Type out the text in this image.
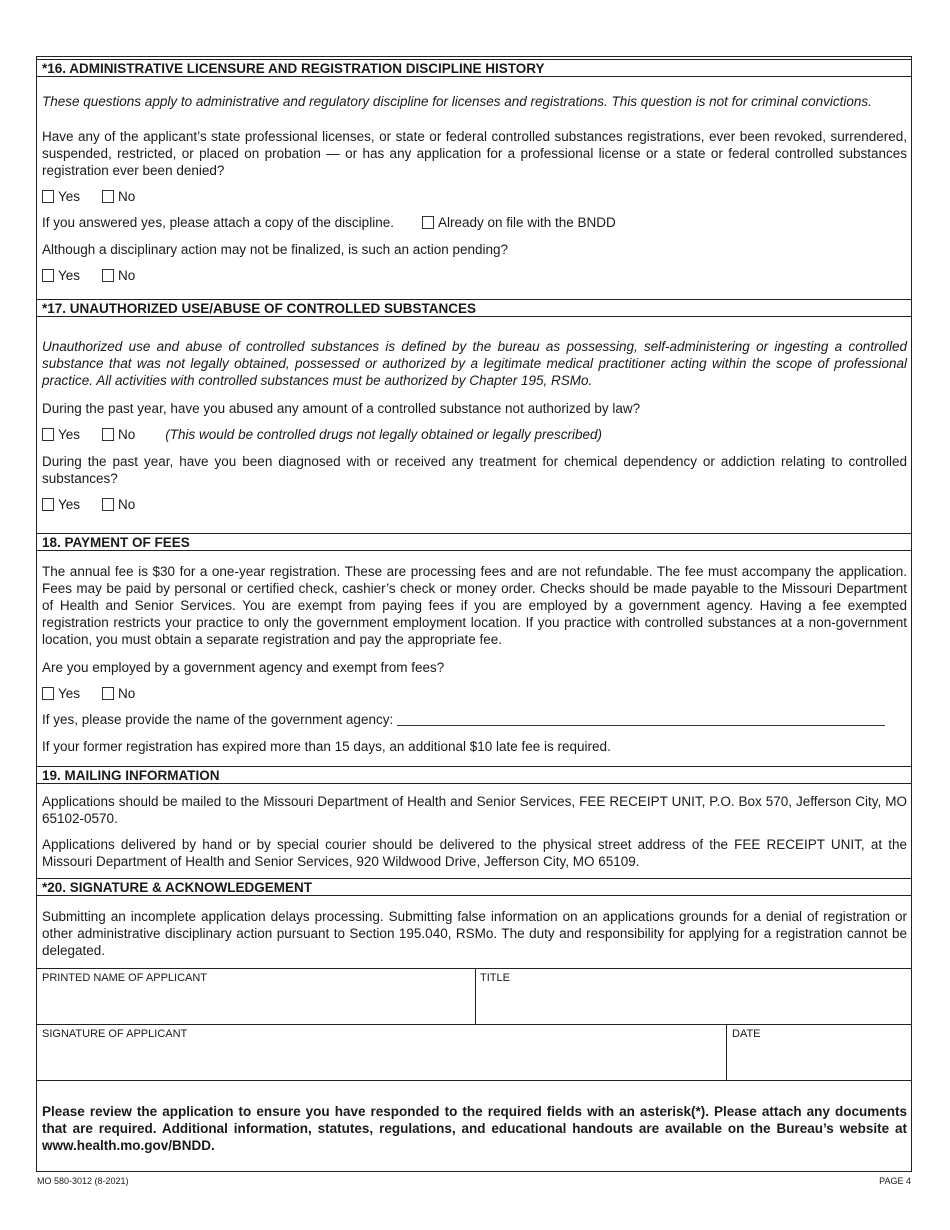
*16. ADMINISTRATIVE LICENSURE AND REGISTRATION DISCIPLINE HISTORY
These questions apply to administrative and regulatory discipline for licenses and registrations. This question is not for criminal convictions.
Have any of the applicant’s state professional licenses, or state or federal controlled substances registrations, ever been revoked, surrendered, suspended, restricted, or placed on probation — or has any application for a professional license or a state or federal controlled substances registration ever been denied?
Yes	No
If you answered yes, please attach a copy of the discipline.	Already on file with the BNDD
Although a disciplinary action may not be finalized, is such an action pending?
Yes	No
*17. UNAUTHORIZED USE/ABUSE OF CONTROLLED SUBSTANCES
Unauthorized use and abuse of controlled substances is defined by the bureau as possessing, self-administering or ingesting a controlled substance that was not legally obtained, possessed or authorized by a legitimate medical practitioner acting within the scope of professional practice. All activities with controlled substances must be authorized by Chapter 195, RSMo.
During the past year, have you abused any amount of a controlled substance not authorized by law?
Yes	No (This would be controlled drugs not legally obtained or legally prescribed)
During the past year, have you been diagnosed with or received any treatment for chemical dependency or addiction relating to controlled substances?
Yes	No
18. PAYMENT OF FEES
The annual fee is $30 for a one-year registration. These are processing fees and are not refundable. The fee must accompany the application. Fees may be paid by personal or certified check, cashier’s check or money order. Checks should be made payable to the Missouri Department of Health and Senior Services. You are exempt from paying fees if you are employed by a government agency. Having a fee exempted registration restricts your practice to only the government employment location. If you practice with controlled substances at a non-government location, you must obtain a separate registration and pay the appropriate fee.
Are you employed by a government agency and exempt from fees?
Yes	No
If yes, please provide the name of the government agency:
If your former registration has expired more than 15 days, an additional $10 late fee is required.
19. MAILING INFORMATION
Applications should be mailed to the Missouri Department of Health and Senior Services, FEE RECEIPT UNIT, P.O. Box 570, Jefferson City, MO 65102-0570.
Applications delivered by hand or by special courier should be delivered to the physical street address of the FEE RECEIPT UNIT, at the Missouri Department of Health and Senior Services, 920 Wildwood Drive, Jefferson City, MO 65109.
*20. SIGNATURE & ACKNOWLEDGEMENT
Submitting an incomplete application delays processing. Submitting false information on an applications grounds for a denial of registration or other administrative disciplinary action pursuant to Section 195.040, RSMo. The duty and responsibility for applying for a registration cannot be delegated.
PRINTED NAME OF APPLICANT	TITLE
SIGNATURE OF APPLICANT	DATE
Please review the application to ensure you have responded to the required fields with an asterisk(*). Please attach any documents that are required. Additional information, statutes, regulations, and educational handouts are available on the Bureau’s website at www.health.mo.gov/BNDD.
MO 580-3012 (8-2021)	PAGE 4
